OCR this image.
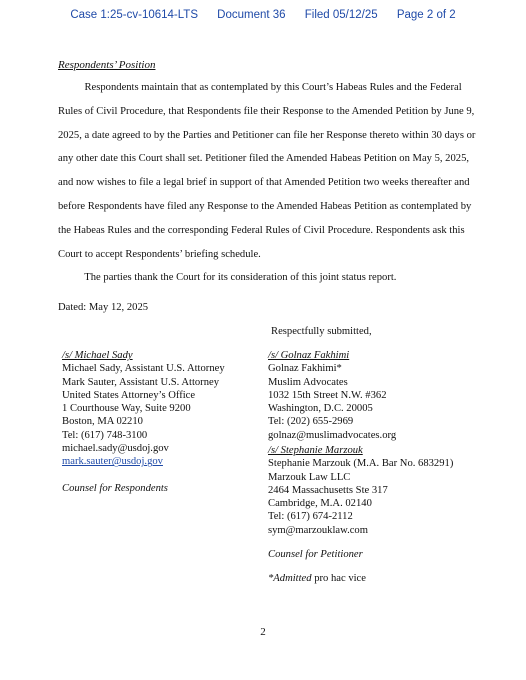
Case 1:25-cv-10614-LTS Document 36 Filed 05/12/25 Page 2 of 2
Respondents’ Position
Respondents maintain that as contemplated by this Court’s Habeas Rules and the Federal
Rules of Civil Procedure, that Respondents file their Response to the Amended Petition by June 9,
2025, a date agreed to by the Parties and Petitioner can file her Response thereto within 30 days or
any other date this Court shall set. Petitioner filed the Amended Habeas Petition on May 5, 2025,
and now wishes to file a legal brief in support of that Amended Petition two weeks thereafter and
before Respondents have filed any Response to the Amended Habeas Petition as contemplated by
the Habeas Rules and the corresponding Federal Rules of Civil Procedure. Respondents ask this
Court to accept Respondents’ briefing schedule.
The parties thank the Court for its consideration of this joint status report.
Dated: May 12, 2025
Respectfully submitted,
/s/ Michael Sady
Michael Sady, Assistant U.S. Attorney
Mark Sauter, Assistant U.S. Attorney
United States Attorney’s Office
1 Courthouse Way, Suite 9200
Boston, MA 02210
Tel: (617) 748-3100
michael.sady@usdoj.gov
mark.sauter@usdoj.gov
Counsel for Respondents
/s/ Golnaz Fakhimi
Golnaz Fakhimi*
Muslim Advocates
1032 15th Street N.W. #362
Washington, D.C. 20005
Tel: (202) 655-2969
golnaz@muslimadvocates.org
/s/ Stephanie Marzouk
Stephanie Marzouk (M.A. Bar No. 683291)
Marzouk Law LLC
2464 Massachusetts Ste 317
Cambridge, M.A. 02140
Tel: (617) 674-2112
sym@marzouklaw.com
Counsel for Petitioner
*Admitted pro hac vice
2
